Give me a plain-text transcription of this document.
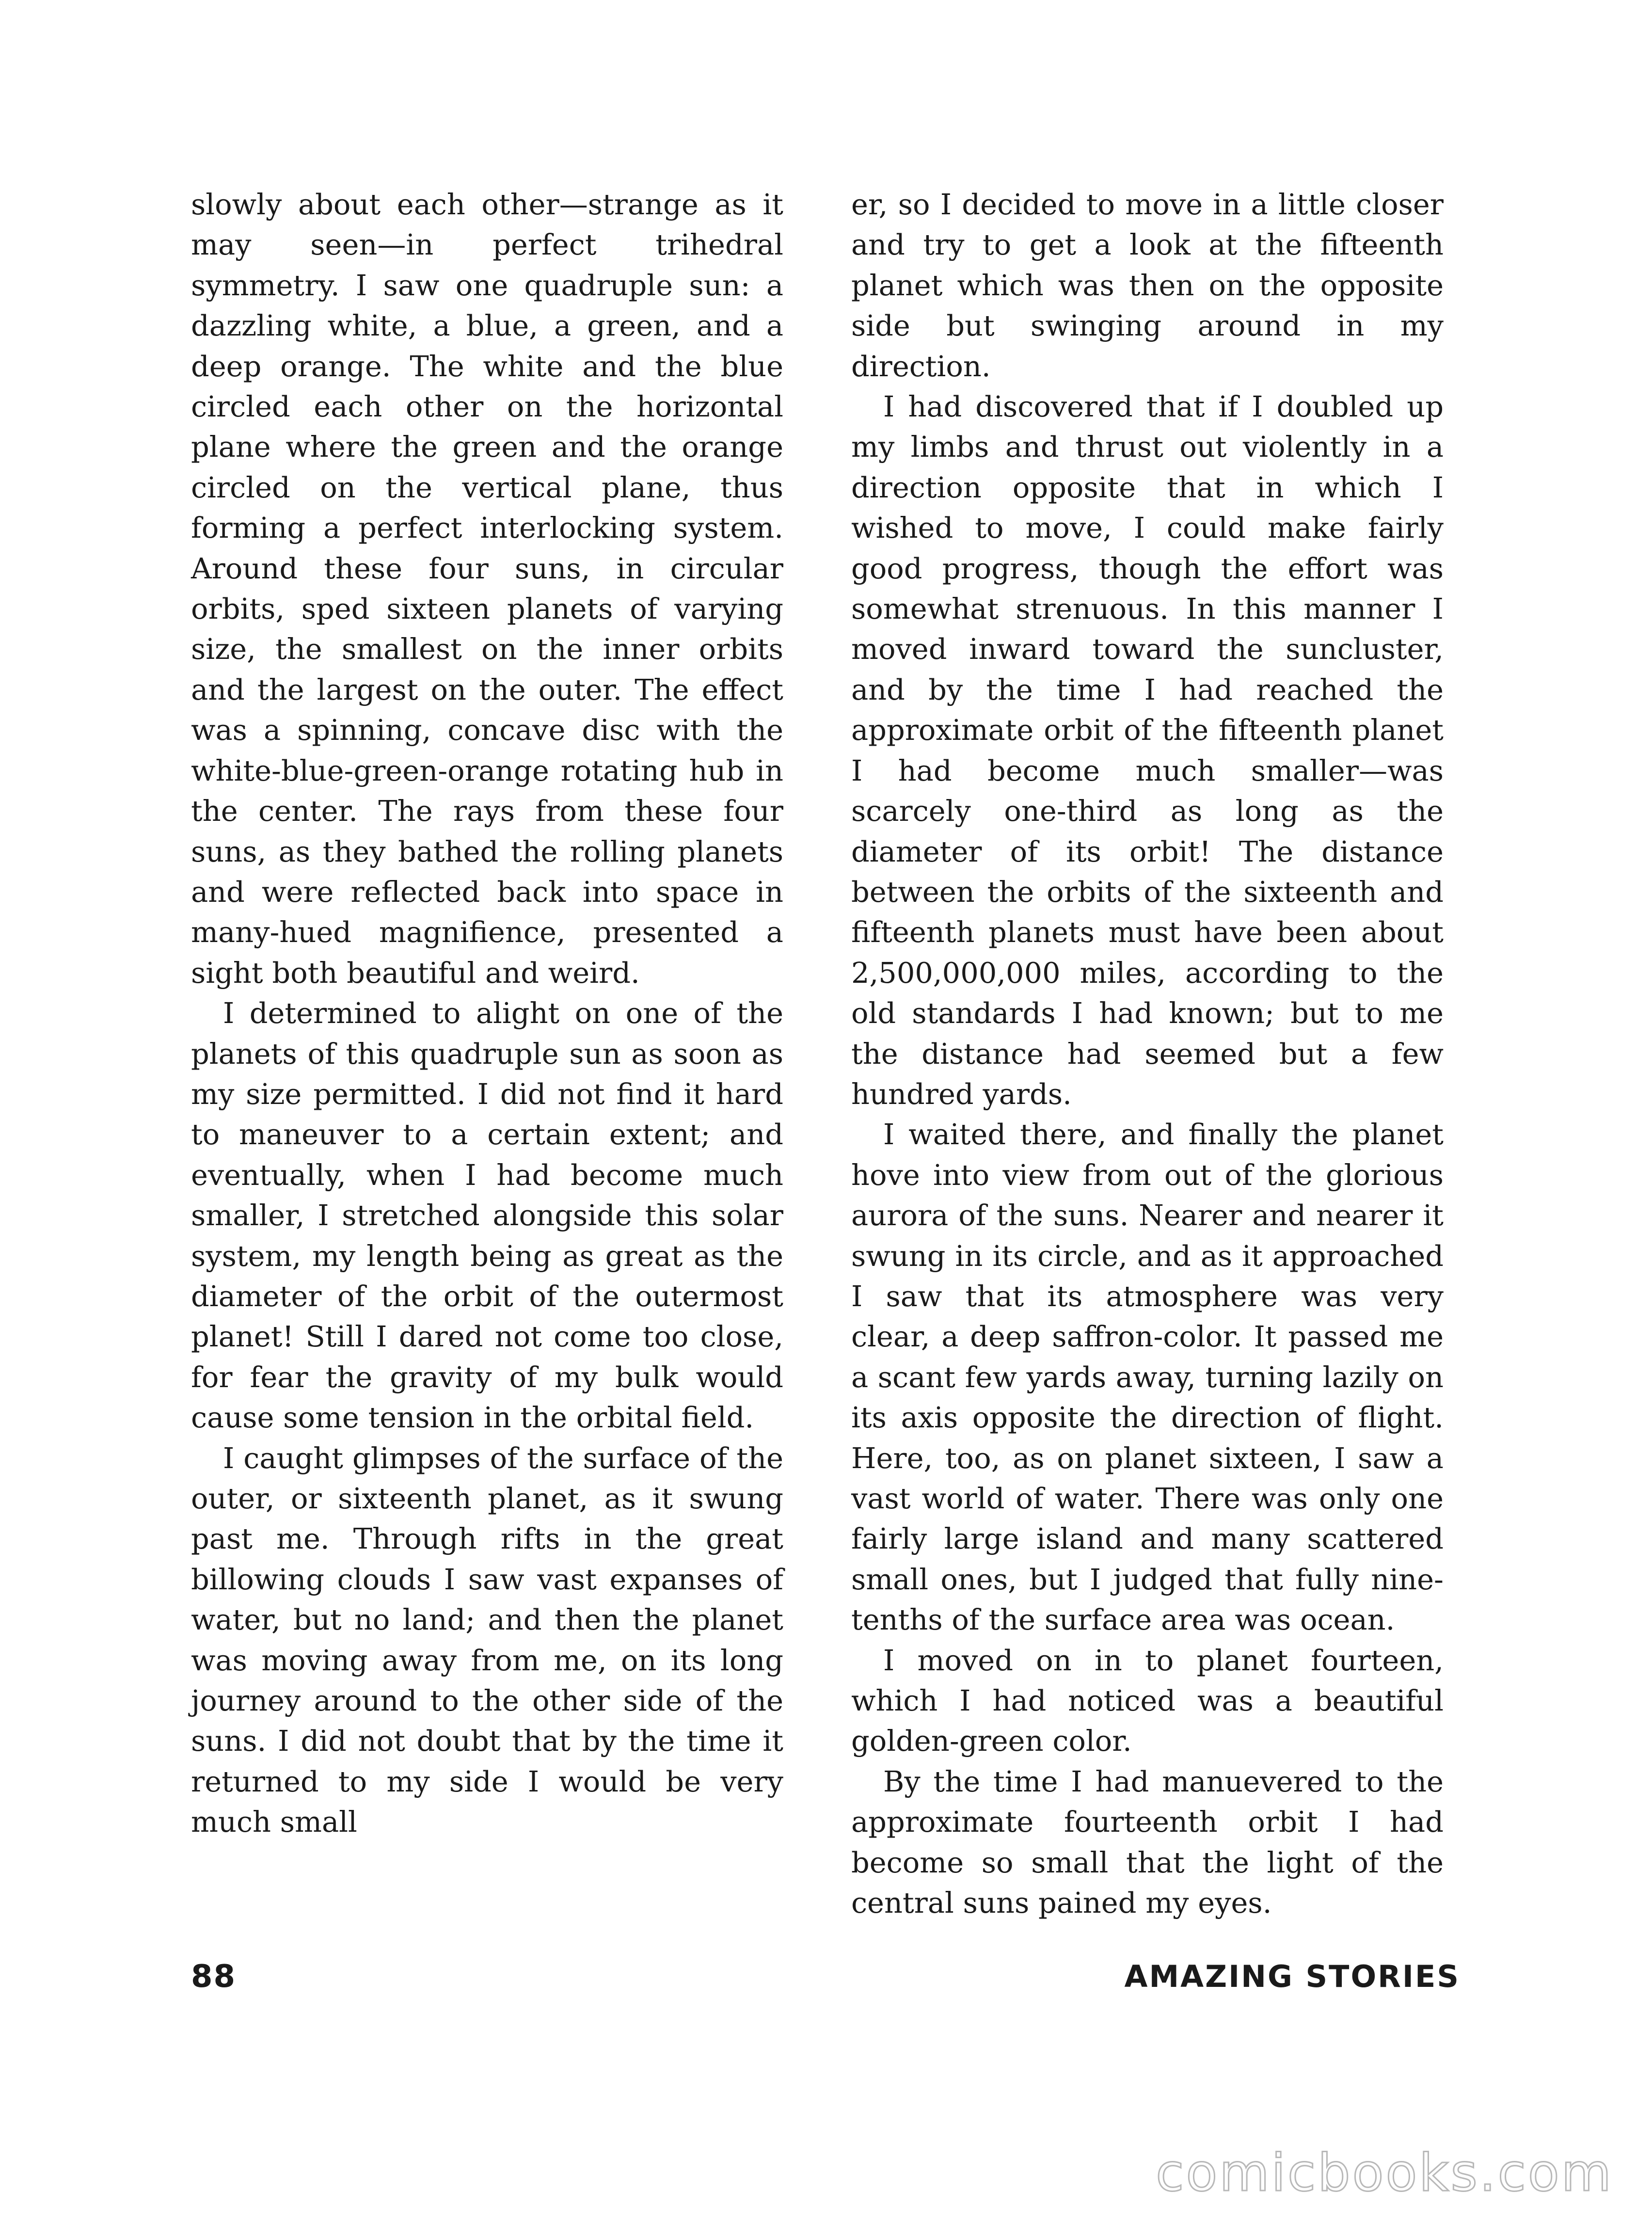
slowly about each other—strange as it may seen—in perfect trihedral symmetry. I saw one quadruple sun: a dazzling white, a blue, a green, and a deep orange. The white and the blue circled each other on the horizontal plane where the green and the orange circled on the vertical plane, thus forming a perfect interlocking system. Around these four suns, in circular orbits, sped sixteen planets of varying size, the smallest on the inner orbits and the largest on the outer. The effect was a spinning, concave disc with the white-blue-green-orange rotating hub in the center. The rays from these four suns, as they bathed the rolling planets and were reflected back into space in many-hued magnifience, presented a sight both beautiful and weird.

I determined to alight on one of the planets of this quadruple sun as soon as my size permitted. I did not find it hard to maneuver to a certain extent; and eventually, when I had become much smaller, I stretched alongside this solar system, my length being as great as the diameter of the orbit of the outermost planet! Still I dared not come too close, for fear the gravity of my bulk would cause some tension in the orbital field.

I caught glimpses of the surface of the outer, or sixteenth planet, as it swung past me. Through rifts in the great billowing clouds I saw vast expanses of water, but no land; and then the planet was moving away from me, on its long journey around to the other side of the suns. I did not doubt that by the time it returned to my side I would be very much small

er, so I decided to move in a little closer and try to get a look at the fifteenth planet which was then on the opposite side but swinging around in my direction.

I had discovered that if I doubled up my limbs and thrust out violently in a direction opposite that in which I wished to move, I could make fairly good progress, though the effort was somewhat strenuous. In this manner I moved inward toward the suncluster, and by the time I had reached the approximate orbit of the fifteenth planet I had become much smaller—was scarcely one-third as long as the diameter of its orbit! The distance between the orbits of the sixteenth and fifteenth planets must have been about 2,500,000,000 miles, according to the old standards I had known; but to me the distance had seemed but a few hundred yards.

I waited there, and finally the planet hove into view from out of the glorious aurora of the suns. Nearer and nearer it swung in its circle, and as it approached I saw that its atmosphere was very clear, a deep saffron-color. It passed me a scant few yards away, turning lazily on its axis opposite the direction of flight. Here, too, as on planet sixteen, I saw a vast world of water. There was only one fairly large island and many scattered small ones, but I judged that fully nine-tenths of the surface area was ocean.

I moved on in to planet fourteen, which I had noticed was a beautiful golden-green color.

By the time I had manuevered to the approximate fourteenth orbit I had become so small that the light of the central suns pained my eyes.

88	AMAZING STORIES
comicbooks.com
